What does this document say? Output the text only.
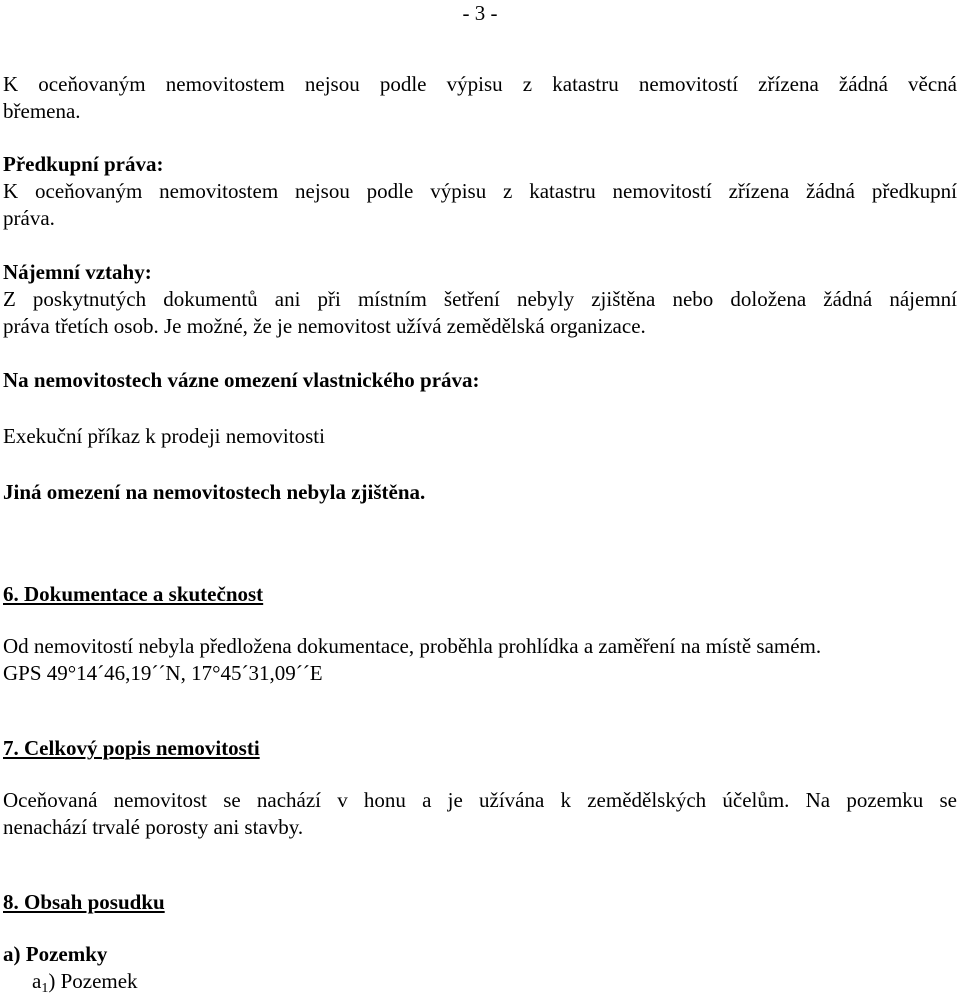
- 3 -
K oceňovaným nemovitostem nejsou podle výpisu z katastru nemovitostí zřízena žádná věcná
břemena.
Předkupní práva:
K oceňovaným nemovitostem nejsou podle výpisu z katastru nemovitostí zřízena žádná předkupní
práva.
Nájemní vztahy:
Z poskytnutých dokumentů ani při místním šetření nebyly zjištěna nebo doložena žádná nájemní
práva třetích osob. Je možné, že je nemovitost užívá zemědělská organizace.
Na nemovitostech vázne omezení vlastnického práva:
Exekuční příkaz k prodeji nemovitosti
Jiná omezení na nemovitostech nebyla zjištěna.
6. Dokumentace a skutečnost
Od nemovitostí nebyla předložena dokumentace, proběhla prohlídka a zaměření na místě samém.
GPS 49°14´46,19´´N, 17°45´31,09´´E
7. Celkový popis nemovitosti
Oceňovaná nemovitost se nachází v honu a je užívána k zemědělských účelům. Na pozemku se
nenachází trvalé porosty ani stavby.
8. Obsah posudku
a) Pozemky
$a_1$) Pozemek
